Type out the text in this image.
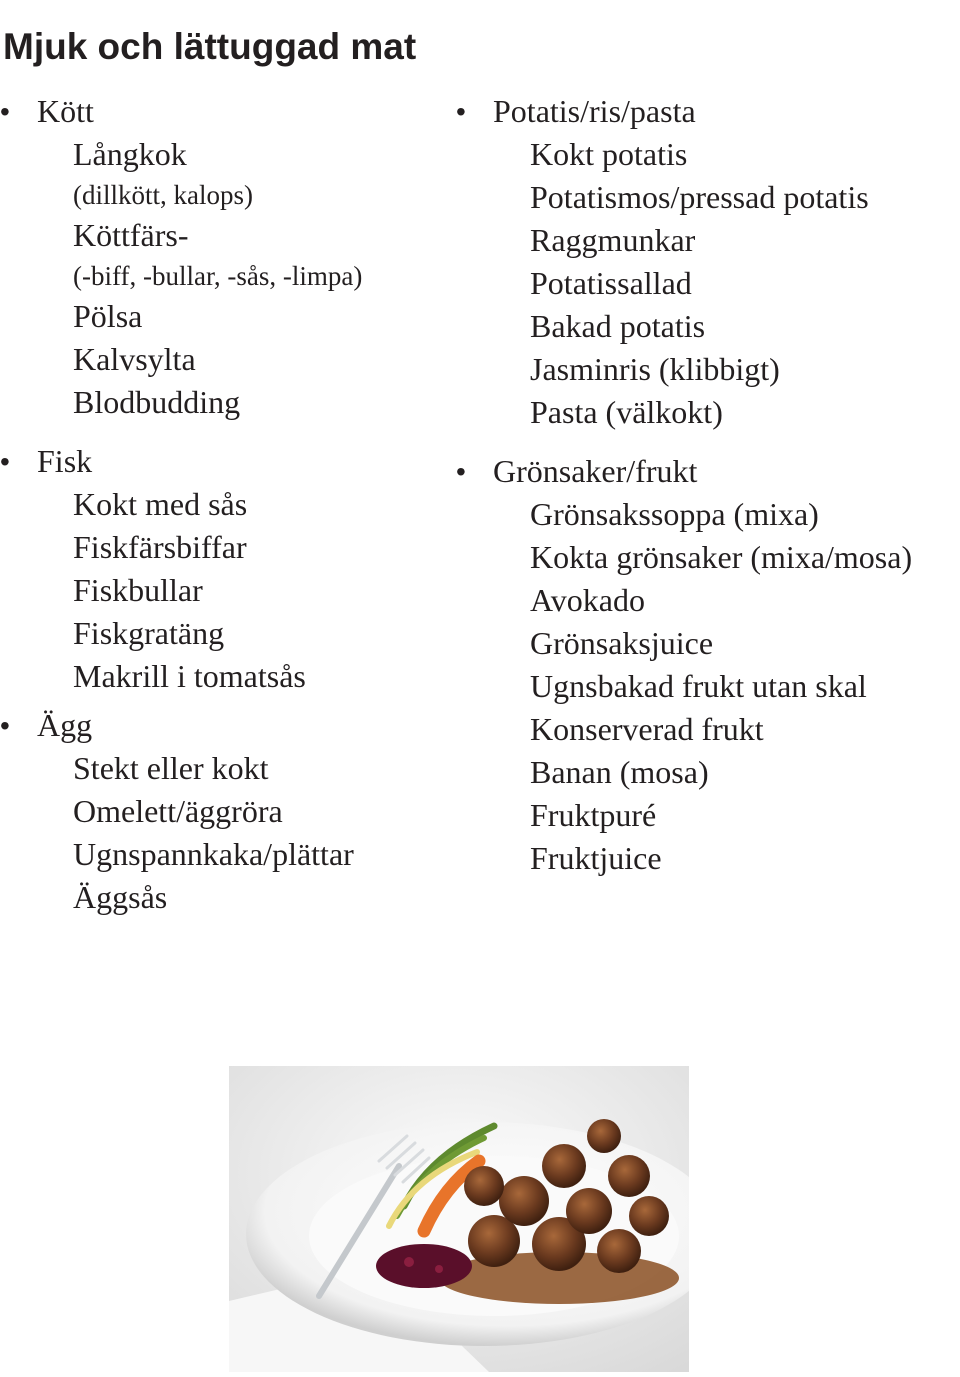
Mjuk och lättuggad mat
• Kött
Långkok
(dillkött, kalops)
Köttfärs-
(-biff, -bullar, -sås, -limpa)
Pölsa
Kalvsylta
Blodbudding
• Fisk
Kokt med sås
Fiskfärsbiffar
Fiskbullar
Fiskgratäng
Makrill i tomatsås
• Ägg
Stekt eller kokt
Omelett/äggröra
Ugnspannkaka/plättar
Äggsås
• Potatis/ris/pasta
Kokt potatis
Potatismos/pressad potatis
Raggmunkar
Potatissallad
Bakad potatis
Jasminris (klibbigt)
Pasta (välkokt)
• Grönsaker/frukt
Grönsakssoppa (mixa)
Kokta grönsaker (mixa/mosa)
Avokado
Grönsaksjuice
Ugnsbakad frukt utan skal
Konserverad frukt
Banan (mosa)
Fruktpuré
Fruktjuice
